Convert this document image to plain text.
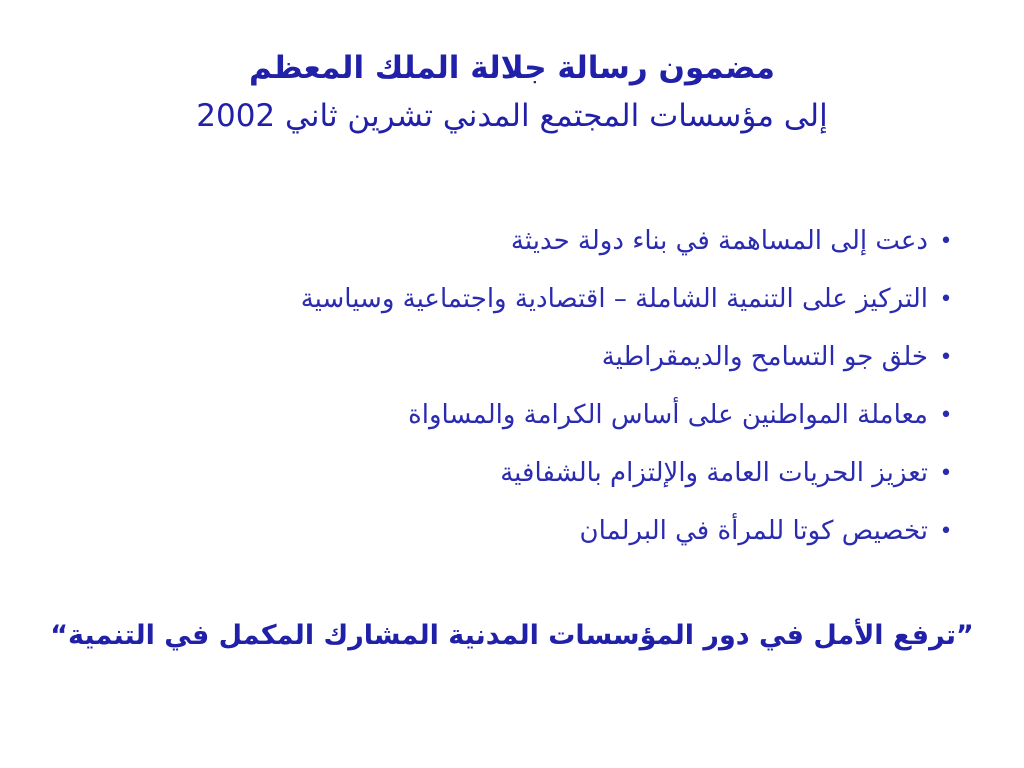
مضمون رسالة جلالة الملك المعظم
إلى مؤسسات المجتمع المدني تشرين ثاني 2002
•
دعت إلى المساهمة في بناء دولة حديثة
•
التركيز على التنمية الشاملة – اقتصادية واجتماعية وسياسية
•
خلق جو التسامح والديمقراطية
•
معاملة المواطنين على أساس الكرامة والمساواة
•
تعزيز الحريات العامة والإلتزام بالشفافية
•
تخصيص كوتا للمرأة في البرلمان
”ترفع الأمل في دور المؤسسات المدنية المشارك المكمل في التنمية“
